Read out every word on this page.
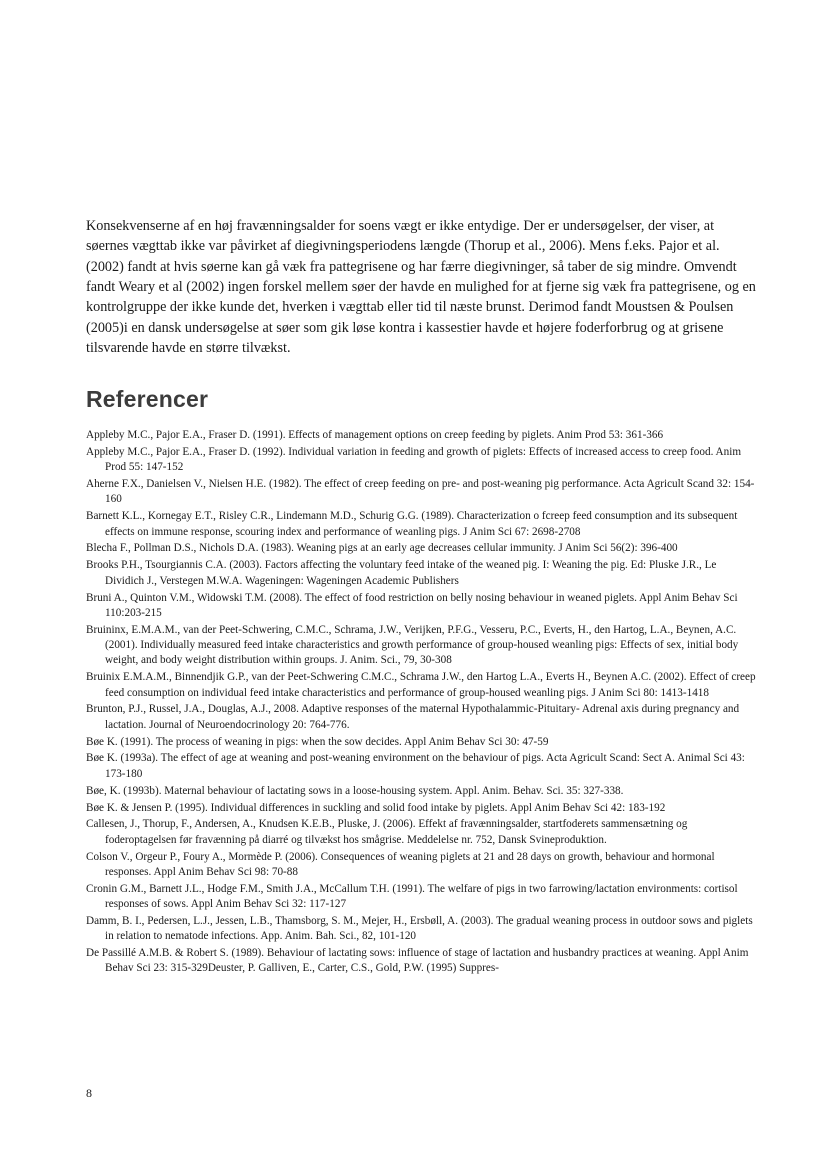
Konsekvenserne af en høj fravænningsalder for soens vægt er ikke entydige. Der er undersøgelser, der viser, at søernes vægttab ikke var påvirket af diegivningsperiodens længde (Thorup et al., 2006). Mens f.eks. Pajor et al. (2002) fandt at hvis søerne kan gå væk fra pattegrisene og har færre diegivninger, så taber de sig mindre. Omvendt fandt Weary et al (2002) ingen forskel mellem søer der havde en mulighed for at fjerne sig væk fra pattegrisene, og en kontrolgruppe der ikke kunde det, hverken i vægttab eller tid til næste brunst. Derimod fandt Moustsen & Poulsen (2005)i en dansk undersøgelse at søer som gik løse kontra i kassestier havde et højere foderforbrug og at grisene tilsvarende havde en større tilvækst.

Referencer

Appleby M.C., Pajor E.A., Fraser D. (1991). Effects of management options on creep feeding by piglets. Anim Prod 53: 361-366

Appleby M.C., Pajor E.A., Fraser D. (1992). Individual variation in feeding and growth of piglets: Effects of increased access to creep food. Anim Prod 55: 147-152

Aherne F.X., Danielsen V., Nielsen H.E. (1982). The effect of creep feeding on pre- and post-weaning pig performance. Acta Agricult Scand 32: 154-160

Barnett K.L., Kornegay E.T., Risley C.R., Lindemann M.D., Schurig G.G. (1989). Characterization o fcreep feed consumption and its subsequent effects on immune response, scouring index and performance of weanling pigs. J Anim Sci 67: 2698-2708

Blecha F., Pollman D.S., Nichols D.A. (1983). Weaning pigs at an early age decreases cellular immunity. J Anim Sci 56(2): 396-400

Brooks P.H., Tsourgiannis C.A. (2003). Factors affecting the voluntary feed intake of the weaned pig. I: Weaning the pig. Ed: Pluske J.R., Le Dividich J., Verstegen M.W.A. Wageningen: Wageningen Academic Publishers

Bruni A., Quinton V.M., Widowski T.M. (2008). The effect of food restriction on belly nosing behaviour in weaned piglets. Appl Anim Behav Sci 110:203-215

Bruininx, E.M.A.M., van der Peet-Schwering, C.M.C., Schrama, J.W., Verijken, P.F.G., Vesseru, P.C., Everts, H., den Hartog, L.A., Beynen, A.C.(2001). Individually measured feed intake characteristics and growth performance of group-housed weanling pigs: Effects of sex, initial body weight, and body weight distribution within groups. J. Anim. Sci., 79, 30-308

Bruinix E.M.A.M., Binnendjik G.P., van der Peet-Schwering C.M.C., Schrama J.W., den Hartog L.A., Everts H., Beynen A.C. (2002). Effect of creep feed consumption on individual feed intake characteristics and performance of group-housed weanling pigs. J Anim Sci 80: 1413-1418

Brunton, P.J., Russel, J.A., Douglas, A.J., 2008. Adaptive responses of the maternal Hypothalammic-Pituitary- Adrenal axis during pregnancy and lactation. Journal of Neuroendocrinology 20: 764-776.

Bøe K. (1991). The process of weaning in pigs: when the sow decides. Appl Anim Behav Sci 30: 47-59

Bøe K. (1993a). The effect of age at weaning and post-weaning environment on the behaviour of pigs. Acta Agricult Scand: Sect A. Animal Sci 43: 173-180

Bøe, K. (1993b). Maternal behaviour of lactating sows in a loose-housing system. Appl. Anim. Behav. Sci. 35: 327-338.

Bøe K. & Jensen P. (1995). Individual differences in suckling and solid food intake by piglets. Appl Anim Behav Sci 42: 183-192

Callesen, J., Thorup, F., Andersen, A., Knudsen K.E.B., Pluske, J. (2006). Effekt af fravænningsalder, startfoderets sammensætning og foderoptagelsen før fravænning på diarré og tilvækst hos smågrise. Meddelelse nr. 752, Dansk Svineproduktion.

Colson V., Orgeur P., Foury A., Mormède P. (2006). Consequences of weaning piglets at 21 and 28 days on growth, behaviour and hormonal responses. Appl Anim Behav Sci 98: 70-88

Cronin G.M., Barnett J.L., Hodge F.M., Smith J.A., McCallum T.H. (1991). The welfare of pigs in two farrowing/lactation environments: cortisol responses of sows. Appl Anim Behav Sci 32: 117-127

Damm, B. I., Pedersen, L.J., Jessen, L.B., Thamsborg, S. M., Mejer, H., Ersbøll, A. (2003). The gradual weaning process in outdoor sows and piglets in relation to nematode infections. App. Anim. Bah. Sci., 82, 101-120

De Passillé A.M.B. & Robert S. (1989). Behaviour of lactating sows: influence of stage of lactation and husbandry practices at weaning. Appl Anim Behav Sci 23: 315-329Deuster, P. Galliven, E., Carter, C.S., Gold, P.W. (1995) Suppres-

8
